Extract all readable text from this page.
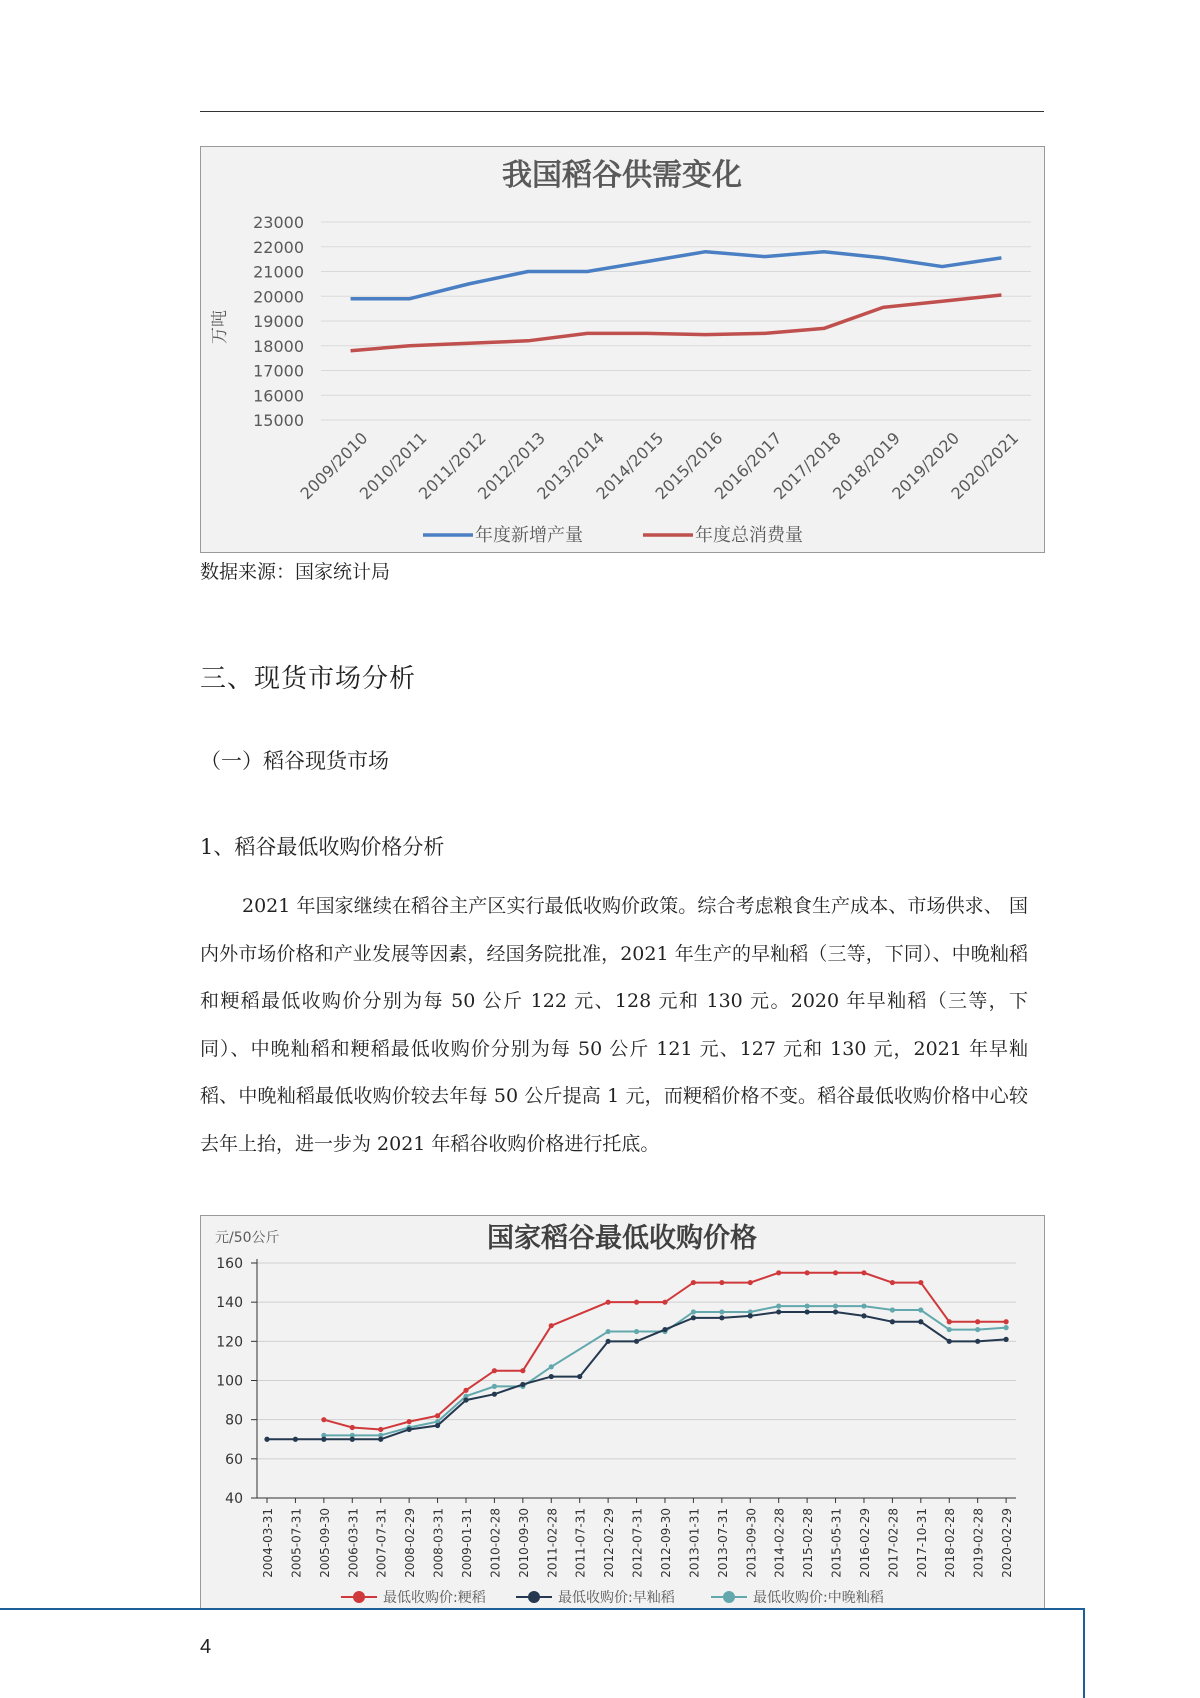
我国稻谷供需变化
万吨
23000
22000
21000
20000
19000
18000
17000
16000
15000
2009/2010
2010/2011
2011/2012
2012/2013
2013/2014
2014/2015
2015/2016
2016/2017
2017/2018
2018/2019
2019/2020
2020/2021
年度新增产量	年度总消费量
数据来源：国家统计局
三、现货市场分析
（一）稻谷现货市场
1、稻谷最低收购价格分析

2021 年国家继续在稻谷主产区实行最低收购价政策。综合考虑粮食生产成本、市场供求、 国内外市场价格和产业发展等因素，经国务院批准，2021 年生产的早籼稻（三等，下同）、中晚籼稻和粳稻最低收购价分别为每 50 公斤 122 元、128 元和 130 元。2020 年早籼稻（三等，下同）、中晚籼稻和粳稻最低收购价分别为每 50 公斤 121 元、127 元和 130 元，2021 年早籼稻、中晚籼稻最低收购价较去年每 50 公斤提高 1 元，而粳稻价格不变。稻谷最低收购价格中心较去年上抬，进一步为 2021 年稻谷收购价格进行托底。

国家稻谷最低收购价格
元/50公斤
160
140
120
100
80
60
40
2004-03-31 2005-07-31 2005-09-30 2006-03-31 2007-07-31 2008-02-29 2008-03-31 2009-01-31 2010-02-28 2010-09-30 2011-02-28 2011-07-31 2012-02-29 2012-07-31 2012-09-30 2013-01-31 2013-07-31 2013-09-30 2014-02-28 2015-02-28 2015-05-31 2016-02-29 2017-02-28 2017-10-31 2018-02-28 2019-02-28 2020-02-29
最低收购价:粳稻	最低收购价:早籼稻	最低收购价:中晚籼稻
4
